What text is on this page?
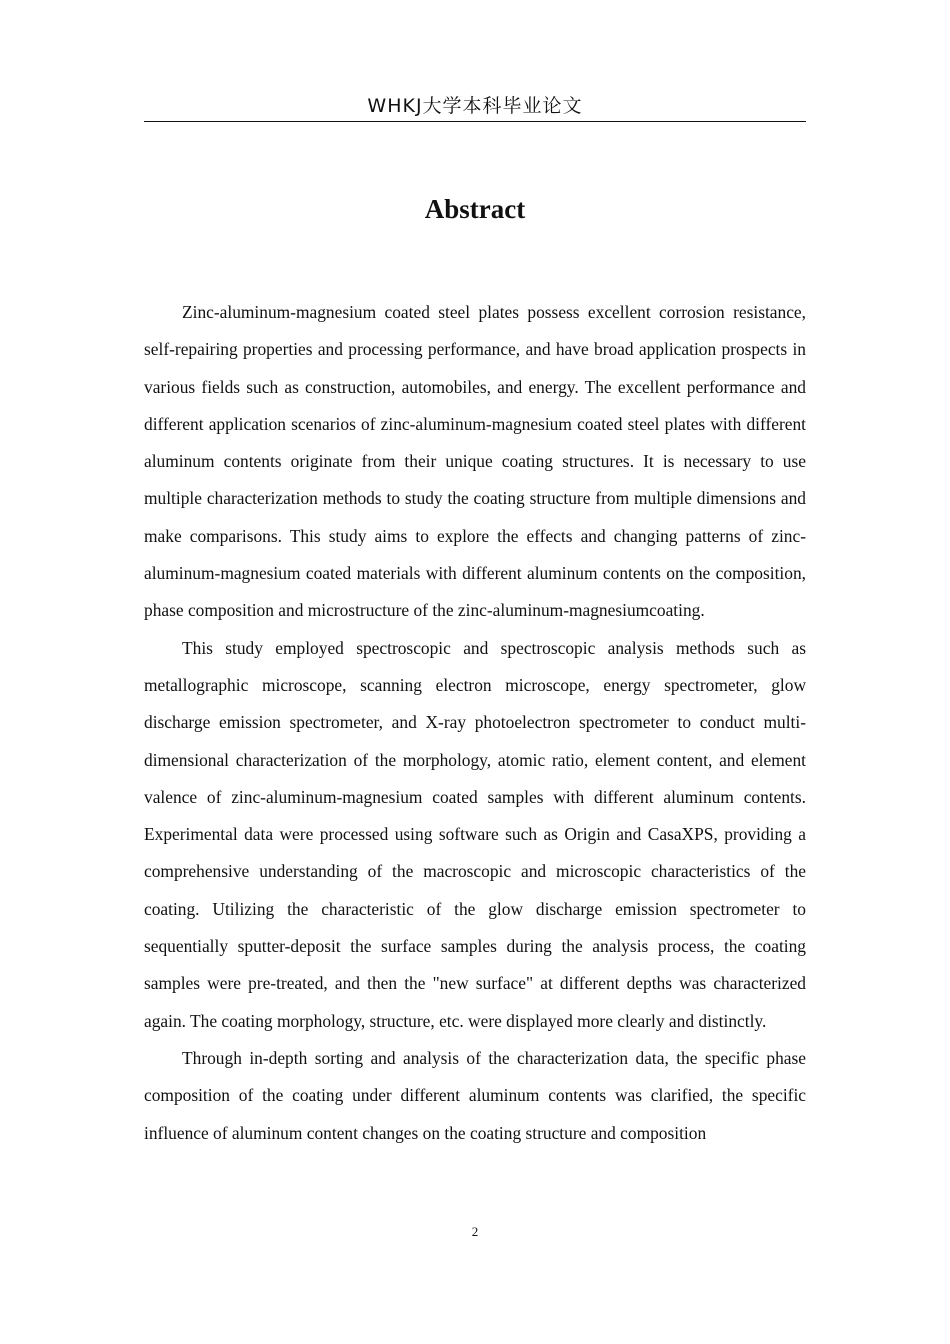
WHKJ大学本科毕业论文
Abstract

Zinc-aluminum-magnesium coated steel plates possess excellent corrosion resistance, self-repairing properties and processing performance, and have broad application prospects in various fields such as construction, automobiles, and energy. The excellent performance and different application scenarios of zinc-aluminum-magnesium coated steel plates with different aluminum contents originate from their unique coating structures. It is necessary to use multiple characterization methods to study the coating structure from multiple dimensions and make comparisons. This study aims to explore the effects and changing patterns of zinc-aluminum-magnesium coated materials with different aluminum contents on the composition, phase composition and microstructure of the zinc-aluminum-magnesiumcoating.

This study employed spectroscopic and spectroscopic analysis methods such as metallographic microscope, scanning electron microscope, energy spectrometer, glow discharge emission spectrometer, and X-ray photoelectron spectrometer to conduct multi-dimensional characterization of the morphology, atomic ratio, element content, and element valence of zinc-aluminum-magnesium coated samples with different aluminum contents. Experimental data were processed using software such as Origin and CasaXPS, providing a comprehensive understanding of the macroscopic and microscopic characteristics of the coating. Utilizing the characteristic of the glow discharge emission spectrometer to sequentially sputter-deposit the surface samples during the analysis process, the coating samples were pre-treated, and then the "new surface" at different depths was characterized again. The coating morphology, structure, etc. were displayed more clearly and distinctly.

Through in-depth sorting and analysis of the characterization data, the specific phase composition of the coating under different aluminum contents was clarified, the specific influence of aluminum content changes on the coating structure and composition

2
